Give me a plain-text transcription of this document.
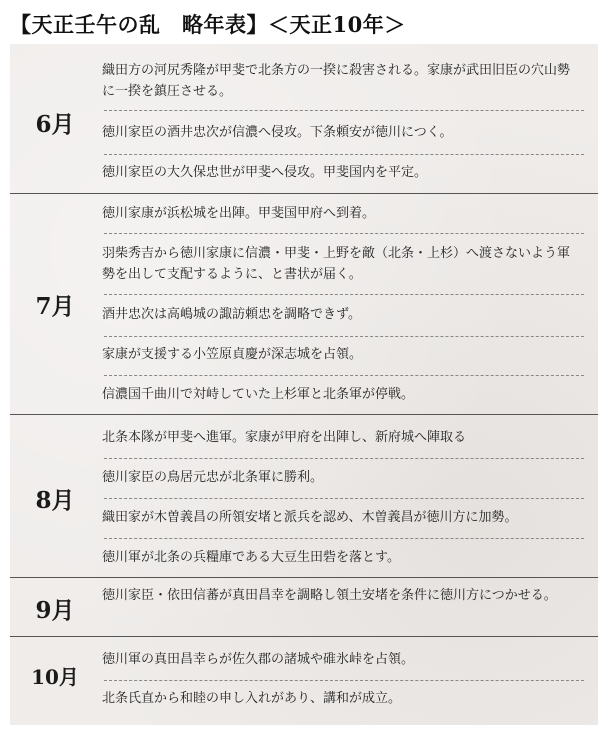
【天正壬午の乱　略年表】＜天正10年＞
6月
織田方の河尻秀隆が甲斐で北条方の一揆に殺害される。家康が武田旧臣の穴山勢に一揆を鎮圧させる。
徳川家臣の酒井忠次が信濃へ侵攻。下条頼安が徳川につく。
徳川家臣の大久保忠世が甲斐へ侵攻。甲斐国内を平定。
7月
徳川家康が浜松城を出陣。甲斐国甲府へ到着。
羽柴秀吉から徳川家康に信濃・甲斐・上野を敵（北条・上杉）へ渡さないよう軍勢を出して支配するように、と書状が届く。
酒井忠次は高嶋城の諏訪頼忠を調略できず。
家康が支援する小笠原貞慶が深志城を占領。
信濃国千曲川で対峙していた上杉軍と北条軍が停戦。
8月
北条本隊が甲斐へ進軍。家康が甲府を出陣し、新府城へ陣取る
徳川家臣の鳥居元忠が北条軍に勝利。
織田家が木曽義昌の所領安堵と派兵を認め、木曽義昌が徳川方に加勢。
徳川軍が北条の兵糧庫である大豆生田砦を落とす。
9月
徳川家臣・依田信蕃が真田昌幸を調略し領土安堵を条件に徳川方につかせる。
10月
徳川軍の真田昌幸らが佐久郡の諸城や碓氷峠を占領。
北条氏直から和睦の申し入れがあり、講和が成立。
